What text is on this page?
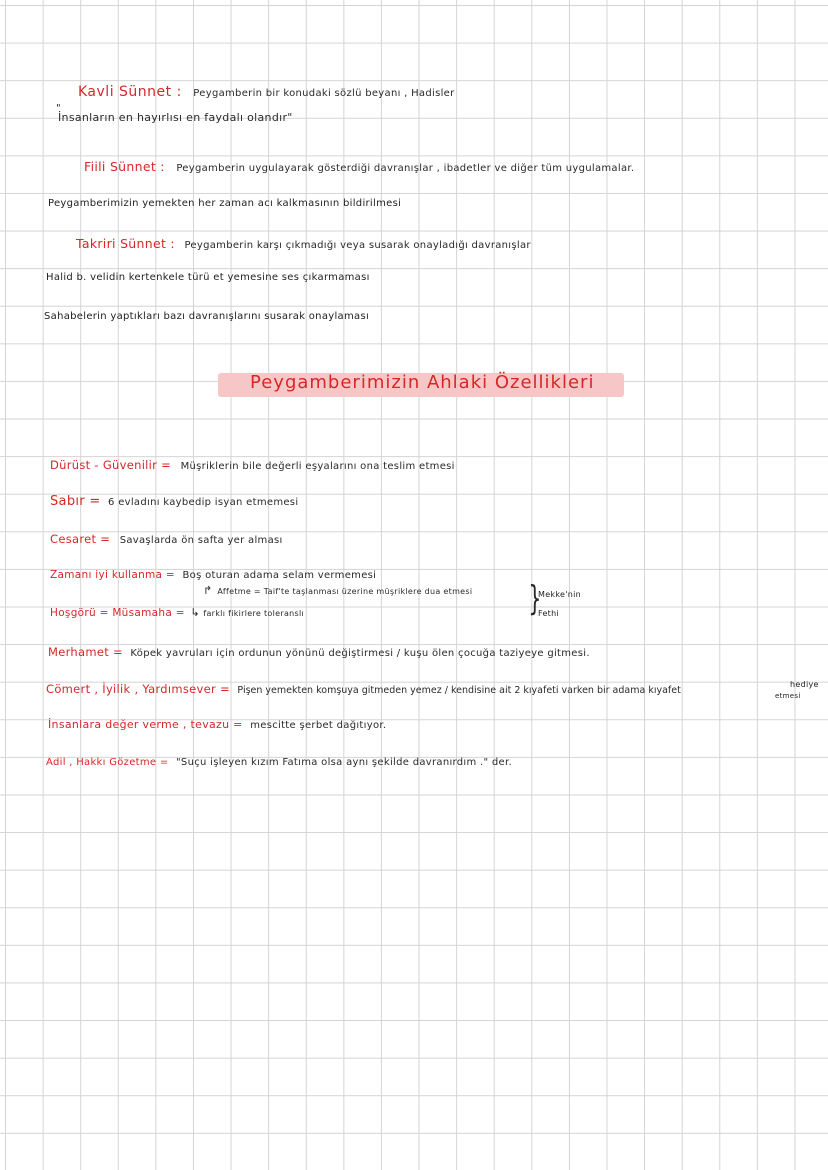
Kavli Sünnet : Peygamberin bir konudaki sözlü beyanı , Hadisler
"
İnsanların en hayırlısı en faydalı olandır"
Fiili Sünnet : Peygamberin uygulayarak gösterdiği davranışlar , ibadetler ve diğer tüm uygulamalar.
Peygamberimizin yemekten her zaman acı kalkmasının bildirilmesi
Takriri Sünnet : Peygamberin karşı çıkmadığı veya susarak onayladığı davranışlar
Halid b. velidin kertenkele türü et yemesine ses çıkarmaması
Sahabelerin yaptıkları bazı davranışlarını susarak onaylaması
Peygamberimizin Ahlaki Özellikleri
Dürüst - Güvenilir = Müşriklerin bile değerli eşyalarını ona teslim etmesi
Sabır = 6 evladını kaybedip isyan etmemesi
Cesaret = Savaşlarda ön safta yer alması
Zamanı iyi kullanma = Boş oturan adama selam vermemesi
↱ Affetme = Taif'te taşlanması üzerine müşriklere dua etmesi
Hoşgörü = Müsamaha = ↳ farklı fikirlere toleranslı	}
Mekke'nin
Fethi
Merhamet = Köpek yavruları için ordunun yönünü değiştirmesi / kuşu ölen çocuğa taziyeye gitmesi.
Cömert , İyilik , Yardımsever = Pişen yemekten komşuya gitmeden yemez / kendisine ait 2 kıyafeti varken bir adama kıyafet
hediye
etmesi
İnsanlara değer verme , tevazu = mescitte şerbet dağıtıyor.
Adil , Hakkı Gözetme = "Suçu işleyen kızım Fatıma olsa aynı şekilde davranırdım ." der.
